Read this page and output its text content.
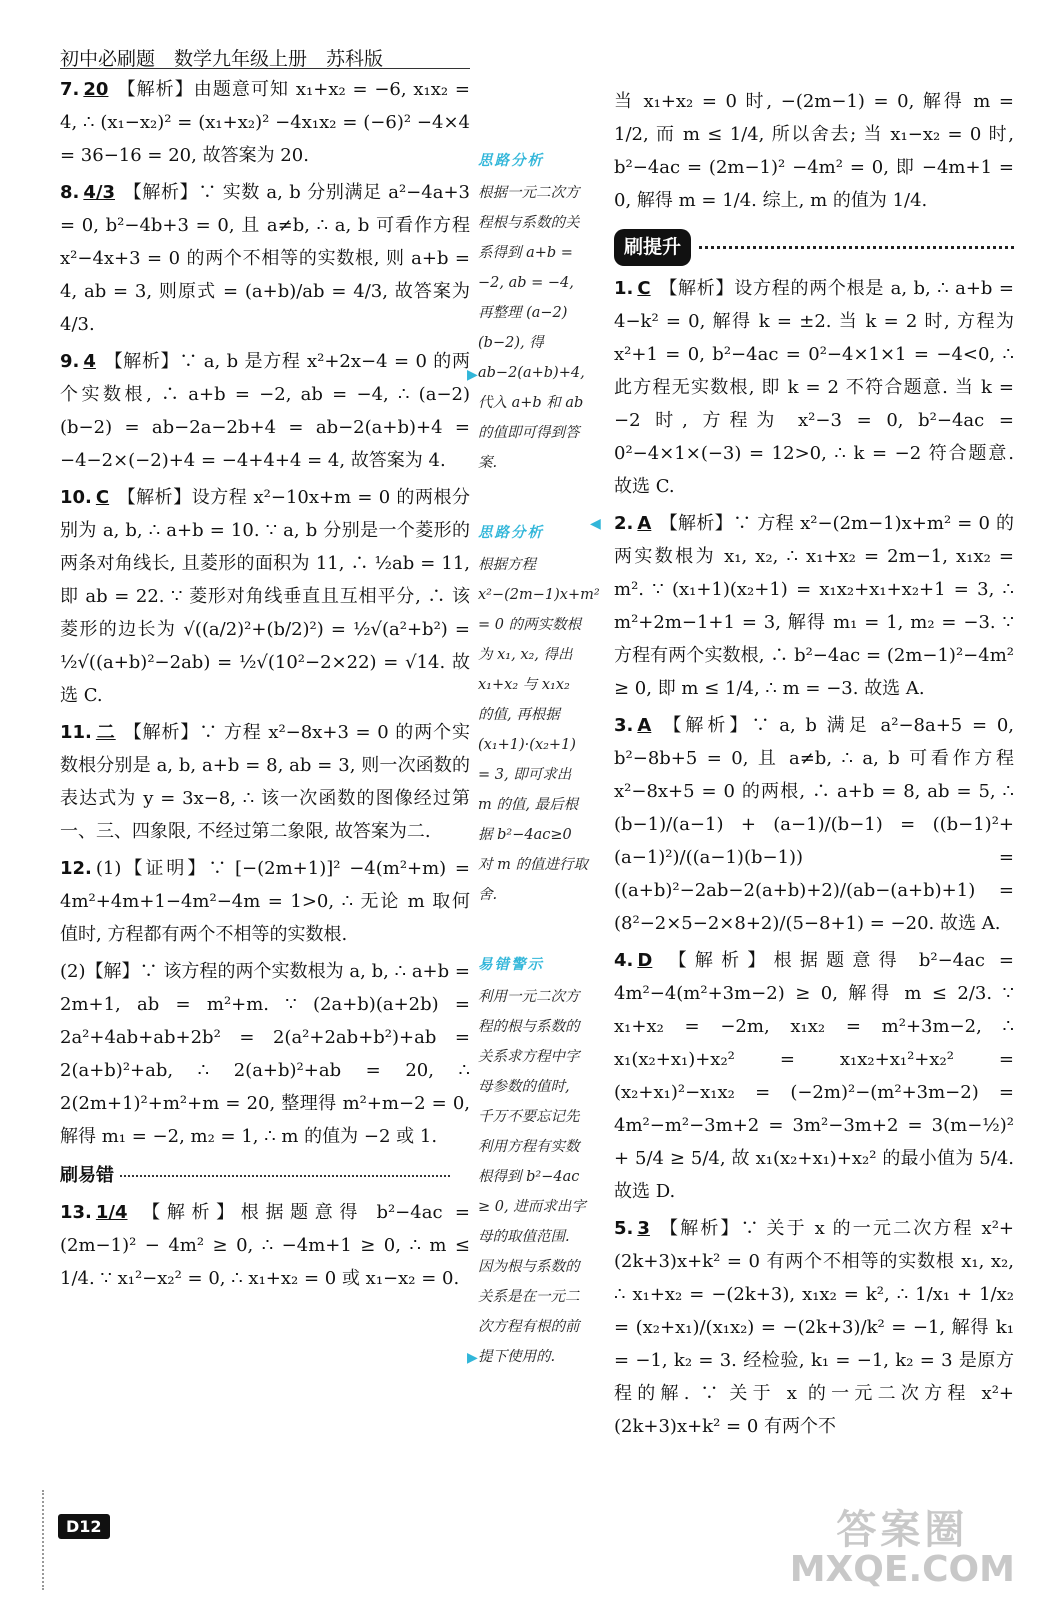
初中必刷题　数学九年级上册　苏科版
7. 20 【解析】由题意可知 x₁+x₂ = −6, x₁x₂ = 4, ∴ (x₁−x₂)² = (x₁+x₂)² −4x₁x₂ = (−6)² −4×4 = 36−16 = 20, 故答案为 20.
8. 4/3 【解析】∵ 实数 a, b 分别满足 a²−4a+3 = 0, b²−4b+3 = 0, 且 a≠b, ∴ a, b 可看作方程 x²−4x+3 = 0 的两个不相等的实数根, 则 a+b = 4, ab = 3, 则原式 = (a+b)/ab = 4/3, 故答案为 4/3.
9. 4 【解析】∵ a, b 是方程 x²+2x−4 = 0 的两个实数根, ∴ a+b = −2, ab = −4, ∴ (a−2)(b−2) = ab−2a−2b+4 = ab−2(a+b)+4 = −4−2×(−2)+4 = −4+4+4 = 4, 故答案为 4.
10. C 【解析】设方程 x²−10x+m = 0 的两根分别为 a, b, ∴ a+b = 10. ∵ a, b 分别是一个菱形的两条对角线长, 且菱形的面积为 11, ∴ ½ab = 11, 即 ab = 22. ∵ 菱形对角线垂直且互相平分, ∴ 该菱形的边长为 √((a/2)²+(b/2)²) = ½√(a²+b²) = ½√((a+b)²−2ab) = ½√(10²−2×22) = √14. 故选 C.
11. 二 【解析】∵ 方程 x²−8x+3 = 0 的两个实数根分别是 a, b, a+b = 8, ab = 3, 则一次函数的表达式为 y = 3x−8, ∴ 该一次函数的图像经过第一、三、四象限, 不经过第二象限, 故答案为二.
12. (1)【证明】∵ [−(2m+1)]² −4(m²+m) = 4m²+4m+1−4m²−4m = 1>0, ∴ 无论 m 取何值时, 方程都有两个不相等的实数根.
(2)【解】∵ 该方程的两个实数根为 a, b, ∴ a+b = 2m+1, ab = m²+m. ∵ (2a+b)(a+2b) = 2a²+4ab+ab+2b² = 2(a²+2ab+b²)+ab = 2(a+b)²+ab, ∴ 2(a+b)²+ab = 20, ∴ 2(2m+1)²+m²+m = 20, 整理得 m²+m−2 = 0, 解得 m₁ = −2, m₂ = 1, ∴ m 的值为 −2 或 1.
刷易错
13. 1/4 【解析】根据题意得 b²−4ac = (2m−1)² − 4m² ≥ 0, ∴ −4m+1 ≥ 0, ∴ m ≤ 1/4. ∵ x₁²−x₂² = 0, ∴ x₁+x₂ = 0 或 x₁−x₂ = 0.
思路分析
根据一元二次方程根与系数的关系得到 a+b = −2, ab = −4, 再整理 (a−2)(b−2), 得 ab−2(a+b)+4, 代入 a+b 和 ab 的值即可得到答案.
思路分析
根据方程 x²−(2m−1)x+m² = 0 的两实数根为 x₁, x₂, 得出 x₁+x₂ 与 x₁x₂ 的值, 再根据 (x₁+1)·(x₂+1) = 3, 即可求出 m 的值, 最后根据 b²−4ac≥0 对 m 的值进行取舍.
易错警示
利用一元二次方程的根与系数的关系求方程中字母参数的值时, 千万不要忘记先利用方程有实数根得到 b²−4ac ≥ 0, 进而求出字母的取值范围. 因为根与系数的关系是在一元二次方程有根的前提下使用的.
▶
◀
▶
当 x₁+x₂ = 0 时, −(2m−1) = 0, 解得 m = 1/2, 而 m ≤ 1/4, 所以舍去; 当 x₁−x₂ = 0 时, b²−4ac = (2m−1)² −4m² = 0, 即 −4m+1 = 0, 解得 m = 1/4. 综上, m 的值为 1/4.
刷提升
1. C 【解析】设方程的两个根是 a, b, ∴ a+b = 4−k² = 0, 解得 k = ±2. 当 k = 2 时, 方程为 x²+1 = 0, b²−4ac = 0²−4×1×1 = −4<0, ∴ 此方程无实数根, 即 k = 2 不符合题意. 当 k = −2 时, 方程为 x²−3 = 0, b²−4ac = 0²−4×1×(−3) = 12>0, ∴ k = −2 符合题意. 故选 C.
2. A 【解析】∵ 方程 x²−(2m−1)x+m² = 0 的两实数根为 x₁, x₂, ∴ x₁+x₂ = 2m−1, x₁x₂ = m². ∵ (x₁+1)(x₂+1) = x₁x₂+x₁+x₂+1 = 3, ∴ m²+2m−1+1 = 3, 解得 m₁ = 1, m₂ = −3. ∵ 方程有两个实数根, ∴ b²−4ac = (2m−1)²−4m² ≥ 0, 即 m ≤ 1/4, ∴ m = −3. 故选 A.
3. A 【解析】∵ a, b 满足 a²−8a+5 = 0, b²−8b+5 = 0, 且 a≠b, ∴ a, b 可看作方程 x²−8x+5 = 0 的两根, ∴ a+b = 8, ab = 5, ∴ (b−1)/(a−1) + (a−1)/(b−1) = ((b−1)²+(a−1)²)/((a−1)(b−1)) = ((a+b)²−2ab−2(a+b)+2)/(ab−(a+b)+1) = (8²−2×5−2×8+2)/(5−8+1) = −20. 故选 A.
4. D 【解析】根据题意得 b²−4ac = 4m²−4(m²+3m−2) ≥ 0, 解得 m ≤ 2/3. ∵ x₁+x₂ = −2m, x₁x₂ = m²+3m−2, ∴ x₁(x₂+x₁)+x₂² = x₁x₂+x₁²+x₂² = (x₂+x₁)²−x₁x₂ = (−2m)²−(m²+3m−2) = 4m²−m²−3m+2 = 3m²−3m+2 = 3(m−½)² + 5/4 ≥ 5/4, 故 x₁(x₂+x₁)+x₂² 的最小值为 5/4. 故选 D.
5. 3 【解析】∵ 关于 x 的一元二次方程 x²+(2k+3)x+k² = 0 有两个不相等的实数根 x₁, x₂, ∴ x₁+x₂ = −(2k+3), x₁x₂ = k², ∴ 1/x₁ + 1/x₂ = (x₂+x₁)/(x₁x₂) = −(2k+3)/k² = −1, 解得 k₁ = −1, k₂ = 3. 经检验, k₁ = −1, k₂ = 3 是原方程的解. ∵ 关于 x 的一元二次方程 x²+(2k+3)x+k² = 0 有两个不
D12	答案圈
MXQE.COM
